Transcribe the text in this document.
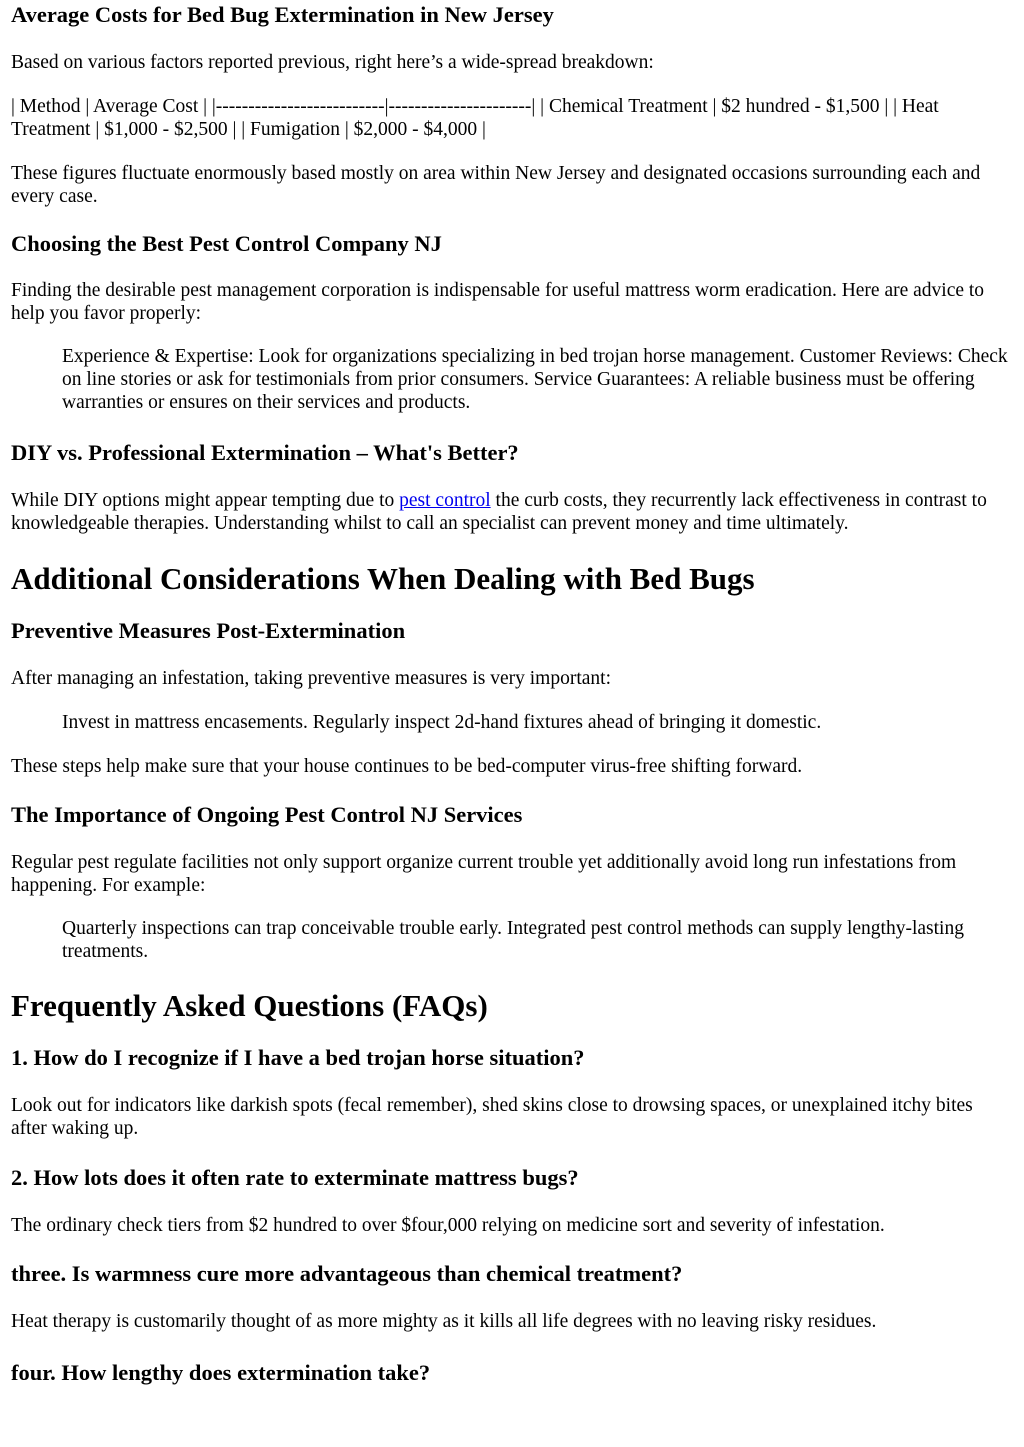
Average Costs for Bed Bug Extermination in New Jersey

Based on various factors reported previous, right here’s a wide-spread breakdown:

| Method | Average Cost | |--------------------------|----------------------| | Chemical Treatment | $2 hundred - $1,500 | | Heat Treatment | $1,000 - $2,500 | | Fumigation | $2,000 - $4,000 |

These figures fluctuate enormously based mostly on area within New Jersey and designated occasions surrounding each and every case.

Choosing the Best Pest Control Company NJ

Finding the desirable pest management corporation is indispensable for useful mattress worm eradication. Here are advice to help you favor properly:

Experience & Expertise: Look for organizations specializing in bed trojan horse management. Customer Reviews: Check on line stories or ask for testimonials from prior consumers. Service Guarantees: A reliable business must be offering warranties or ensures on their services and products.
DIY vs. Professional Extermination – What's Better?

While DIY options might appear tempting due to pest control the curb costs, they recurrently lack effectiveness in contrast to knowledgeable therapies. Understanding whilst to call an specialist can prevent money and time ultimately.

Additional Considerations When Dealing with Bed Bugs
Preventive Measures Post-Extermination

After managing an infestation, taking preventive measures is very important:

Invest in mattress encasements. Regularly inspect 2d-hand fixtures ahead of bringing it domestic.

These steps help make sure that your house continues to be bed-computer virus-free shifting forward.

The Importance of Ongoing Pest Control NJ Services

Regular pest regulate facilities not only support organize current trouble yet additionally avoid long run infestations from happening. For example:

Quarterly inspections can trap conceivable trouble early. Integrated pest control methods can supply lengthy-lasting treatments.
Frequently Asked Questions (FAQs)
1. How do I recognize if I have a bed trojan horse situation?

Look out for indicators like darkish spots (fecal remember), shed skins close to drowsing spaces, or unexplained itchy bites after waking up.

2. How lots does it often rate to exterminate mattress bugs?

The ordinary check tiers from $2 hundred to over $four,000 relying on medicine sort and severity of infestation.

three. Is warmness cure more advantageous than chemical treatment?

Heat therapy is customarily thought of as more mighty as it kills all life degrees with no leaving risky residues.

four. How lengthy does extermination take?
